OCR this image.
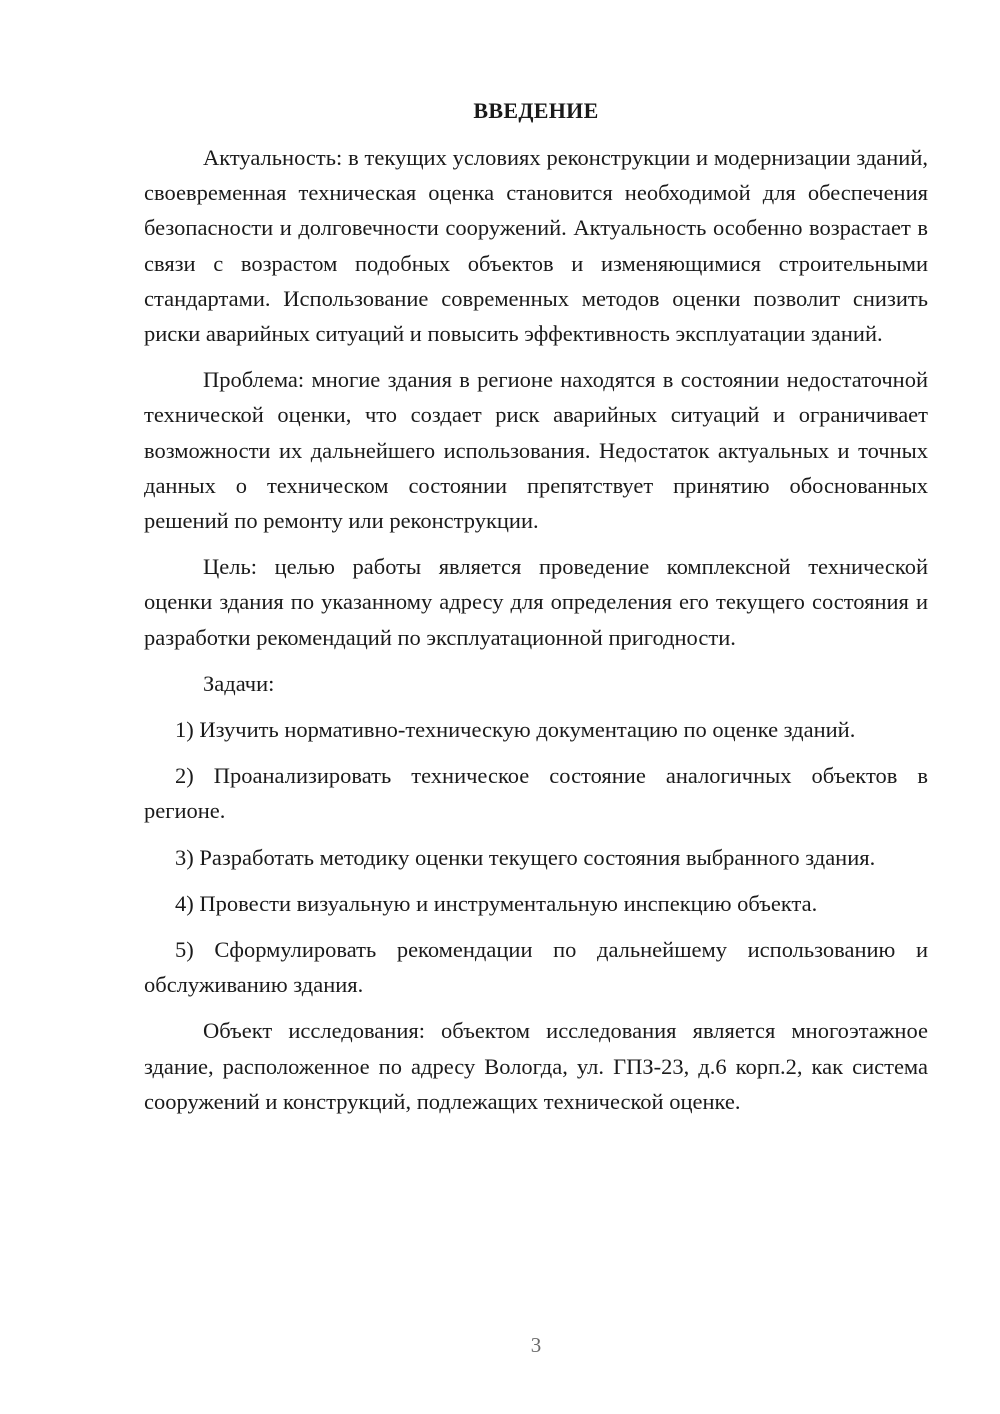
ВВЕДЕНИЕ

Актуальность: в текущих условиях реконструкции и модернизации зданий, своевременная техническая оценка становится необходимой для обеспечения безопасности и долговечности сооружений. Актуальность особенно возрастает в связи с возрастом подобных объектов и изменяющимися строительными стандартами. Использование современных методов оценки позволит снизить риски аварийных ситуаций и повысить эффективность эксплуатации зданий.

Проблема: многие здания в регионе находятся в состоянии недостаточной технической оценки, что создает риск аварийных ситуаций и ограничивает возможности их дальнейшего использования. Недостаток актуальных и точных данных о техническом состоянии препятствует принятию обоснованных решений по ремонту или реконструкции.

Цель: целью работы является проведение комплексной технической оценки здания по указанному адресу для определения его текущего состояния и разработки рекомендаций по эксплуатационной пригодности.

Задачи:

1) Изучить нормативно-техническую документацию по оценке зданий.

2) Проанализировать техническое состояние аналогичных объектов в регионе.

3) Разработать методику оценки текущего состояния выбранного здания.

4) Провести визуальную и инструментальную инспекцию объекта.

5) Сформулировать рекомендации по дальнейшему использованию и обслуживанию здания.

Объект исследования: объектом исследования является многоэтажное здание, расположенное по адресу Вологда, ул. ГПЗ-23, д.6 корп.2, как система сооружений и конструкций, подлежащих технической оценке.

3
